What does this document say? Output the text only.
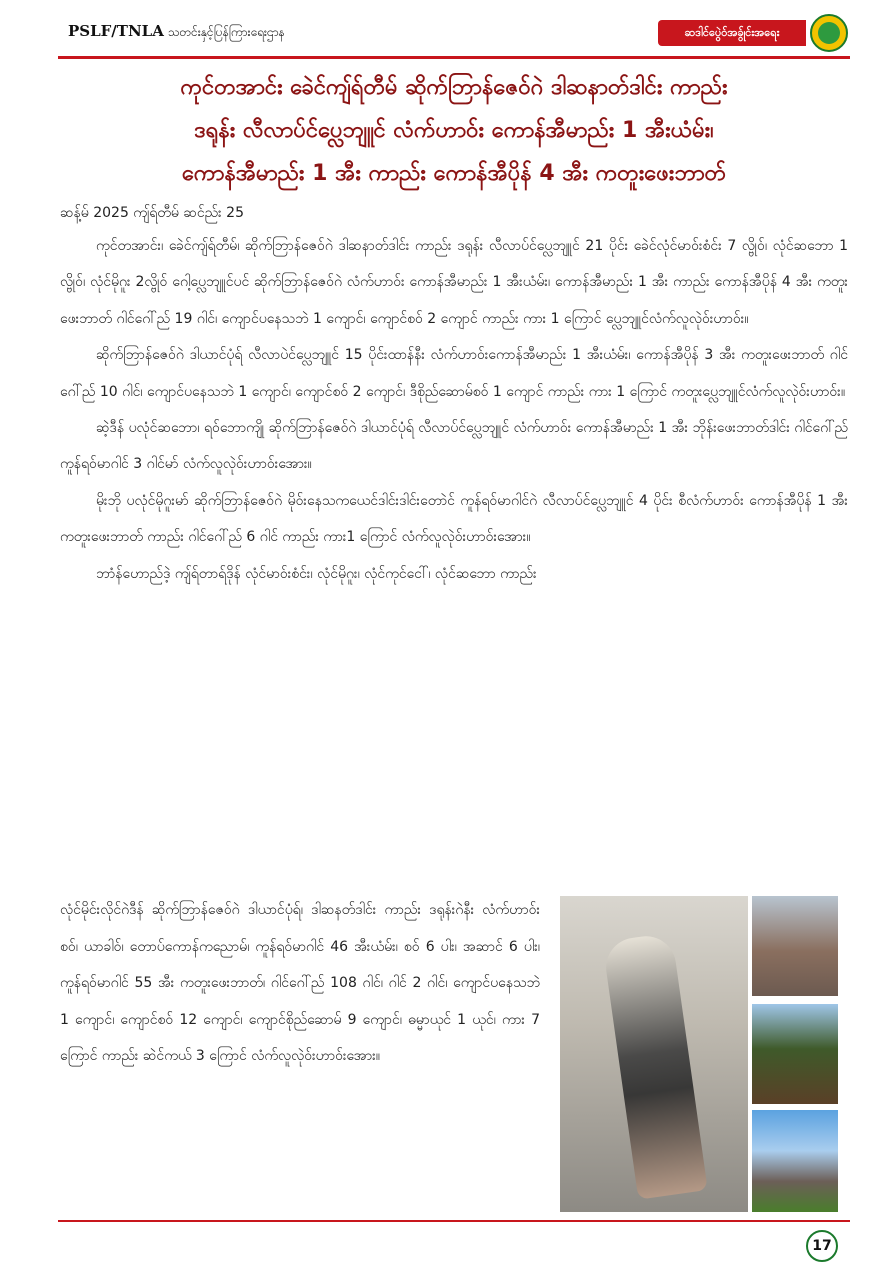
PSLF/TNLA သတင်းနှင့်ပြန်ကြားရေးဌာန	ဆဒါင်ပွေဲဝ်အခွ်ုင်းအရေး
ကုင်တအာင်း ခေဲင်ကျ်ရ်တီမ် ဆိုက်ဘြာန်ဇေဝ်ဂဲ ဒါဆနာတ်ဒါင်း ကာည်း
ဒရုန်း လီလာပ်င်ပ္လေဘျူင် လံက်ဟာဝ်း ကောန်အီမာည်း 1 အီးယံမ်း၊
ကောန်အီမာည်း 1 အီး ကာည်း ကောန်အီပိုန် 4 အီး ကတူးဖေးဘာတ်
ဆန့်မ် 2025 ကျ်ရ်တီမ် ဆင်ည်း 25

ကုင်တအာင်း၊ ခေဲင်ကျ်ရ်တီမ်၊ ဆိုက်ဘြာန်ဇေဝ်ဂဲ ဒါဆနာတ်ဒါင်း ကာည်း ဒရုန်း လီလာပ်င်ပ္လေဘျူင် 21 ပိုင်း ခေဲင်လုံင်မာဝ်းစံင်း 7 လ္ဗိုဝ်၊ လုံင်ဆဘော 1 လ္ဗိုဝ်၊ လုံင်မိုဂူး 2လ္ဗိုဝ် ဂေါ့ပ္လေဘျူင်ပင် ဆိုက်ဘြာန်ဇေဝ်ဂဲ လံက်ဟာဝ်း ကောန်အီမာည်း 1 အီးယံမ်း၊ ကောန်အီမာည်း 1 အီး ကာည်း ကောန်အီပိုန် 4 အီး ကတူးဖေးဘာတ် ဂါင်ဂေါ်ည် 19 ဂါင်၊ ကျောင်ပနေသဘဲ 1 ကျောင်၊ ကျောင်စဝ် 2 ကျောင် ကာည်း ကား 1 ကြောင် ပ္လေဘျူင်လံက်လူလုဲဝ်းဟာဝ်း။

ဆိုက်ဘြာန်ဇေဝ်ဂဲ ဒါယာင်ပုံရ် လီလာပဲင်ပ္လေဘျူင် 15 ပိုင်းထာန်နီး လံက်ဟာဝ်းကောန်အီမာည်း 1 အီးယံမ်း၊ ကောန်အီပိုန် 3 အီး ကတူးဖေးဘာတ် ဂါင်ဂေါ်ည် 10 ဂါင်၊ ကျောင်ပနေသဘဲ 1 ကျောင်၊ ကျောင်စဝ် 2 ကျောင်၊ ဒီစိုည်ဆောမ်စဝ် 1 ကျောင် ကာည်း ကား 1 ကြောင် ကတူးပ္လေဘျူင်လံက်လူလုဲဝ်းဟာဝ်း။

ဆဲ့ဒီန် ပလုံင်ဆဘော၊ ရဝ်ဘောကျို ဆိုက်ဘြာန်ဇေဝ်ဂဲ ဒါယာင်ပုံရ် လီလာပ်င်ပ္လေဘျူင် လံက်ဟာဝ်း ကောန်အီမာည်း 1 အီး ဘိုန်းဖေးဘာတ်ဒါင်း ဂါင်ဂေါ်ည်ကူန်ရဝ်မာဂါင် 3 ဂါင်မာ် လံက်လူလုဲဝ်းဟာဝ်းအေား။

မိုးဘို ပလုံင်မိုဂူးမာ် ဆိုက်ဘြာန်ဇေဝ်ဂဲ မိုဝ်းနေသကယေင်ဒါင်းဒါင်းတောဲင် ကူန်ရဝ်မာဂါင်ဂဲ လီလာပ်င်ပ္လေဘျူင် 4 ပိုင်း စီလံက်ဟာဝ်း ကောန်အီပိုန် 1 အီး ကတူးဖေးဘာတ် ကာည်း ဂါင်ဂေါ်ည် 6 ဂါင် ကာည်း ကား1 ကြောင် လံက်လူလုဲဝ်းဟာဝ်းအေား။

ဘာံန်ဟောည်ဒဲ့ ကျ်ရ်တာရ်ဒိုန် လုံင်မာဝ်းစံင်း၊ လုံင်မိုဂူး၊ လုံင်ကုင်ငေါ်၊ လုံင်ဆဘော ကာည်း

လုံင်မိုင်းလိုင်ဂဲဒီန် ဆိုက်ဘြာန်ဇေဝ်ဂဲ ဒါယာင်ပုံရ်၊ ဒါဆနတ်ဒါင်း ကာည်း ဒရုန်းဂဲနီး လံက်ဟာဝ်း စဝ်၊ ယာခါဝ်၊ တောပ်ကောန်ကညောမ်၊ ကူန်ရဝ်မာဂါင် 46 အီးယံမ်း၊ စဝ် 6 ပါး၊ အဆာင် 6 ပါး၊ ကူန်ရဝ်မာဂါင် 55 အီး ကတူးဖေးဘာတ်၊ ဂါင်ဂေါ်ည် 108 ဂါင်၊ ဂါင် 2 ဂါင်၊ ကျောင်ပနေသဘဲ 1 ကျောင်၊ ကျောင်စဝ် 12 ကျောင်၊ ကျောင်စိုည်ဆောမ် 9 ကျောင်၊ ဓမ္မာယုင် 1 ယုင်၊ ကား 7 ကြောင် ကာည်း ဆဲင်ကယ် 3 ကြောင် လံက်လူလုဲဝ်းဟာဝ်းအေား။

17
